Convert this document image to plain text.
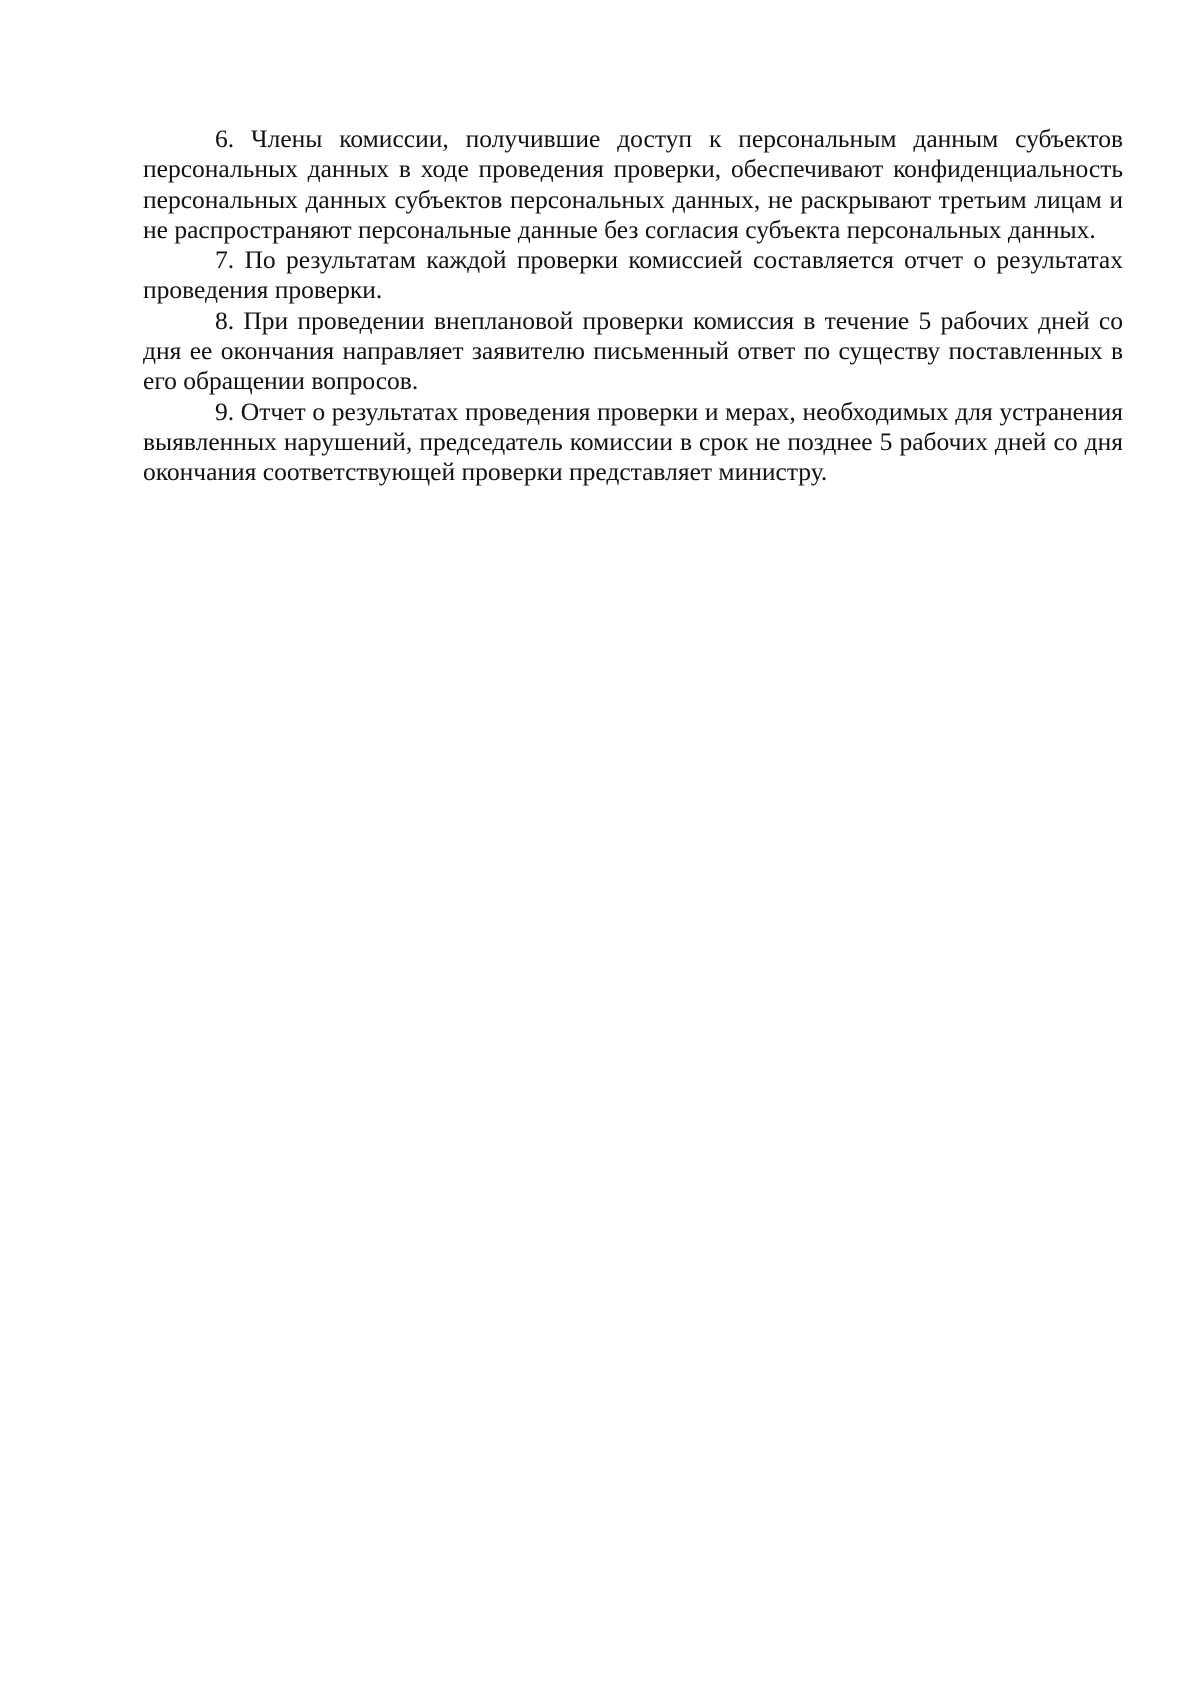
6. Члены комиссии, получившие доступ к персональным данным субъектов персональных данных в ходе проведения проверки, обеспечивают конфиденциальность персональных данных субъектов персональных данных, не раскрывают третьим лицам и не распространяют персональные данные без согласия субъекта персональных данных.

7. По результатам каждой проверки комиссией составляется отчет о результатах проведения проверки.

8. При проведении внеплановой проверки комиссия в течение 5 рабочих дней со дня ее окончания направляет заявителю письменный ответ по существу поставленных в его обращении вопросов.

9. Отчет о результатах проведения проверки и мерах, необходимых для устранения выявленных нарушений, председатель комиссии в срок не позднее 5 рабочих дней со дня окончания соответствующей проверки представляет министру.
